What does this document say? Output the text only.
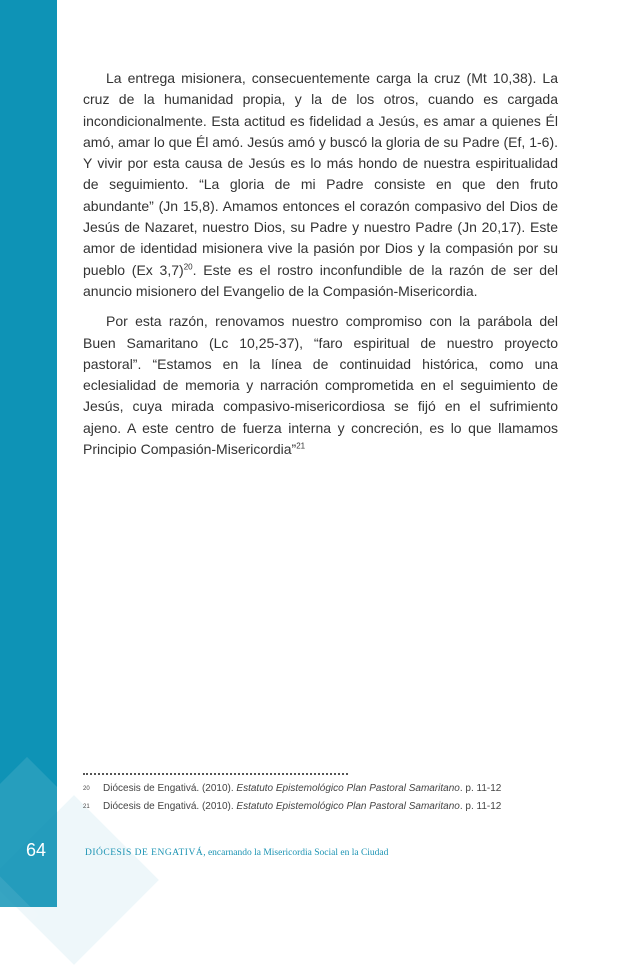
64

La entrega misionera, consecuentemente carga la cruz (Mt 10,38). La cruz de la humanidad propia, y la de los otros, cuando es cargada incondicionalmente. Esta actitud es fidelidad a Jesús, es amar a quienes Él amó, amar lo que Él amó. Jesús amó y buscó la gloria de su Padre (Ef, 1-6). Y vivir por esta causa de Jesús es lo más hondo de nuestra espiritualidad de seguimiento. “La gloria de mi Padre consiste en que den fruto abundante” (Jn 15,8). Amamos entonces el corazón compasivo del Dios de Jesús de Nazaret, nuestro Dios, su Padre y nuestro Padre (Jn 20,17). Este amor de identidad misionera vive la pasión por Dios y la compasión por su pueblo (Ex 3,7)$^{20}$. Este es el rostro inconfundible de la razón de ser del anuncio misionero del Evangelio de la Compasión-Misericordia.

Por esta razón, renovamos nuestro compromiso con la parábola del Buen Samaritano (Lc 10,25-37), “faro espiritual de nuestro proyecto pastoral”. “Estamos en la línea de continuidad histórica, como una eclesialidad de memoria y narración comprometida en el seguimiento de Jesús, cuya mirada compasivo-misericordiosa se fijó en el sufrimiento ajeno. A este centro de fuerza interna y concreción, es lo que llamamos Principio Compasión-Misericordia”$^{21}$

20 Diócesis de Engativá. (2010). Estatuto Epistemológico Plan Pastoral Samaritano. p. 11-12
21 Diócesis de Engativá. (2010). Estatuto Epistemológico Plan Pastoral Samaritano. p. 11-12
DIÓCESIS DE ENGATIVÁ, encarnando la Misericordia Social en la Ciudad
